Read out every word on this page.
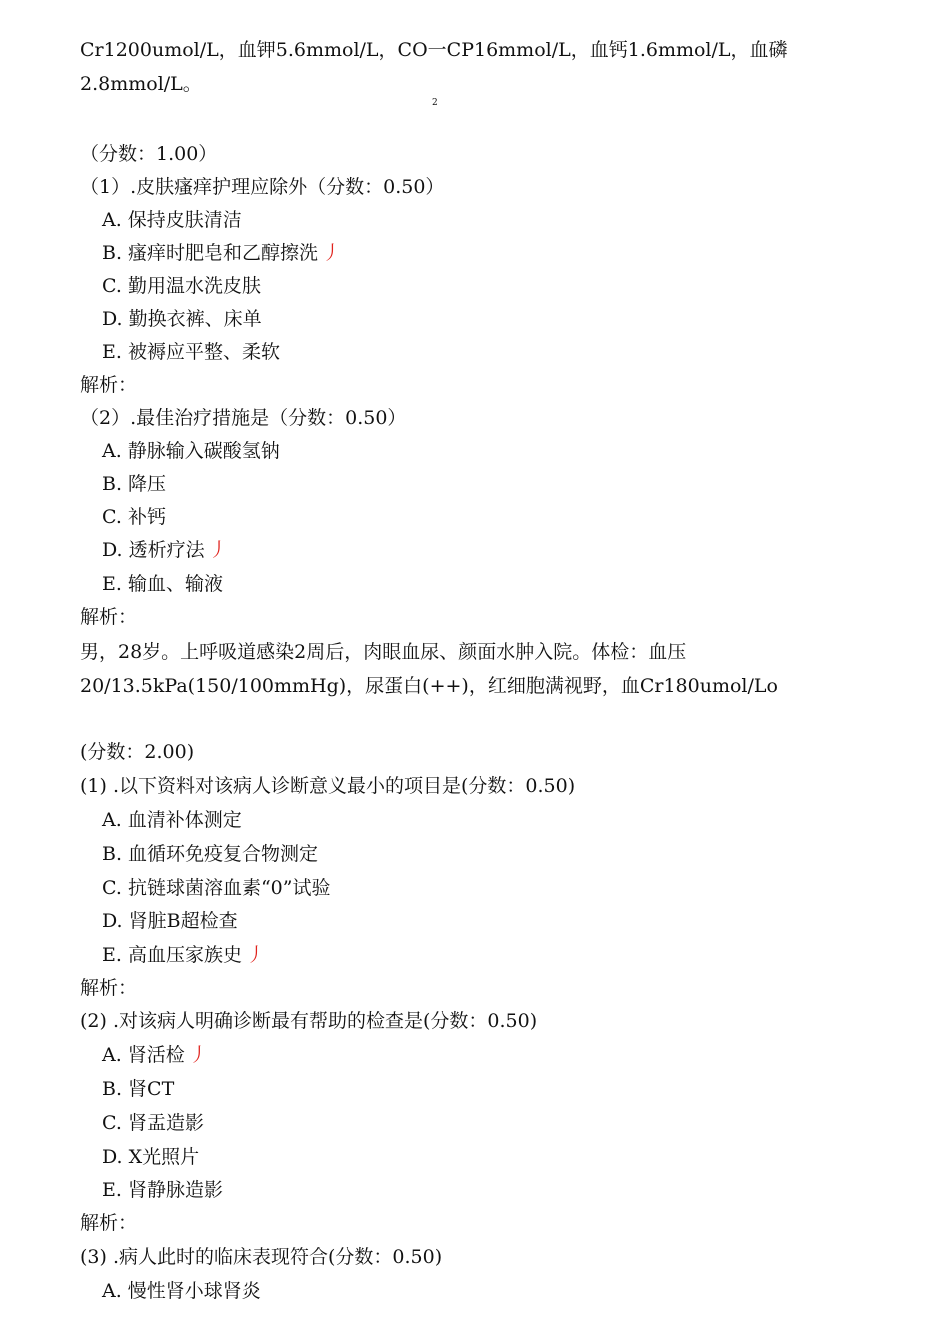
Cr1200umol/L，血钾5.6mmol/L，CO一CP16mmol/L，血钙1.6mmol/L，血磷
2.8mmol/L。
2
（分数：1.00）
（1）.皮肤瘙痒护理应除外（分数：0.50）
A. 保持皮肤清洁
B. 瘙痒时肥皂和乙醇擦洗 丿
C. 勤用温水洗皮肤
D. 勤换衣裤、床单
E. 被褥应平整、柔软
解析：
（2）.最佳治疗措施是（分数：0.50）
A. 静脉输入碳酸氢钠
B. 降压
C. 补钙
D. 透析疗法 丿
E. 输血、输液
解析：
男，28岁。上呼吸道感染2周后，肉眼血尿、颜面水肿入院。体检：血压
20/13.5kPa(150/100mmHg)，尿蛋白(++)，红细胞满视野，血Cr180umol/Lo
(分数：2.00)
(1) .以下资料对该病人诊断意义最小的项目是(分数：0.50)
A. 血清补体测定
B. 血循环免疫复合物测定
C. 抗链球菌溶血素“0”试验
D. 肾脏B超检查
E. 高血压家族史 丿
解析：
(2) .对该病人明确诊断最有帮助的检查是(分数：0.50)
A. 肾活检 丿
B. 肾CT
C. 肾盂造影
D. X光照片
E. 肾静脉造影
解析：
(3) .病人此时的临床表现符合(分数：0.50)
A. 慢性肾小球肾炎
